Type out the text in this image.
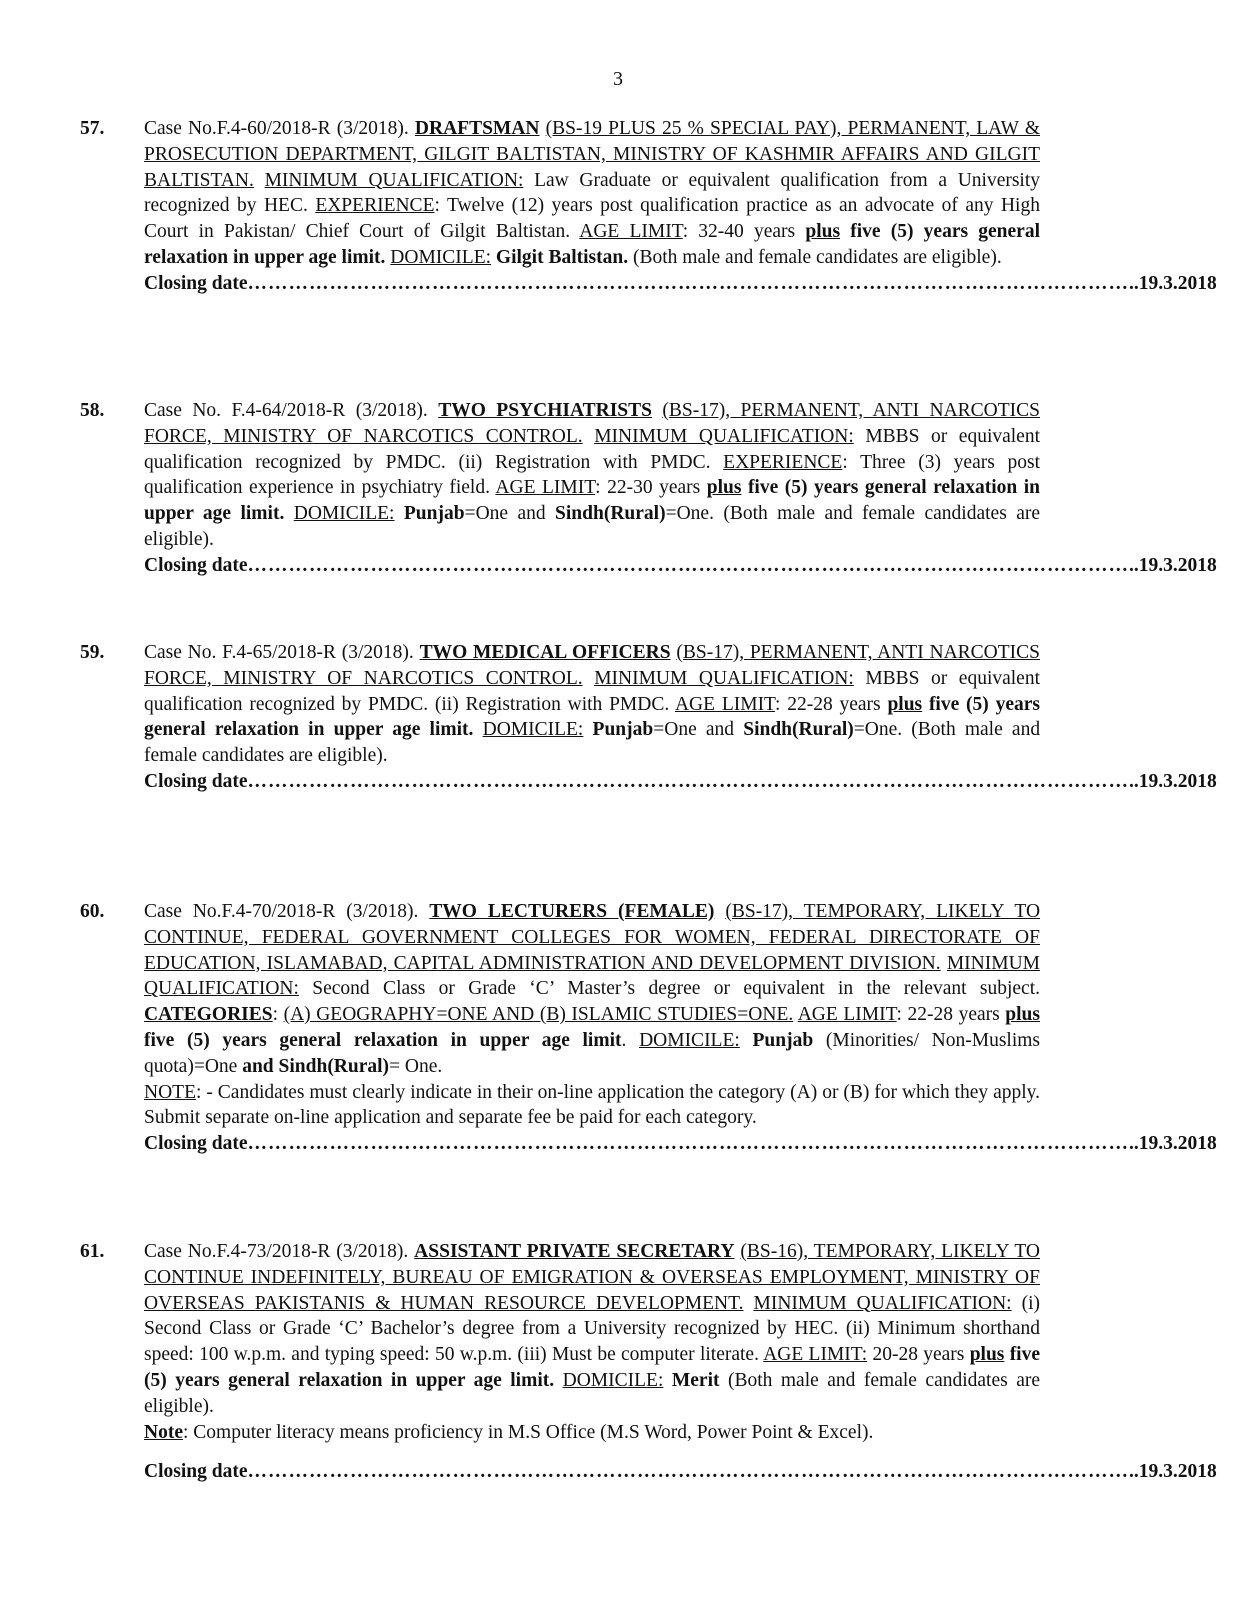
3
57.	Case No.F.4-60/2018-R (3/2018). DRAFTSMAN (BS-19 PLUS 25 % SPECIAL PAY), PERMANENT, LAW & PROSECUTION DEPARTMENT, GILGIT BALTISTAN, MINISTRY OF KASHMIR AFFAIRS AND GILGIT BALTISTAN. MINIMUM QUALIFICATION: Law Graduate or equivalent qualification from a University recognized by HEC. EXPERIENCE: Twelve (12) years post qualification practice as an advocate of any High Court in Pakistan/ Chief Court of Gilgit Baltistan. AGE LIMIT: 32-40 years plus five (5) years general relaxation in upper age limit. DOMICILE: Gilgit Baltistan. (Both male and female candidates are eligible).

Closing date ………………………………………………………………………………………………………………… ..19.3.2018
58.	Case No. F.4-64/2018-R (3/2018). TWO PSYCHIATRISTS (BS-17), PERMANENT, ANTI NARCOTICS FORCE, MINISTRY OF NARCOTICS CONTROL. MINIMUM QUALIFICATION: MBBS or equivalent qualification recognized by PMDC. (ii) Registration with PMDC. EXPERIENCE: Three (3) years post qualification experience in psychiatry field. AGE LIMIT: 22-30 years plus five (5) years general relaxation in upper age limit. DOMICILE: Punjab=One and Sindh(Rural)=One. (Both male and female candidates are eligible).

Closing date ………………………………………………………………………………………………………………… ..19.3.2018
59.	Case No. F.4-65/2018-R (3/2018). TWO MEDICAL OFFICERS (BS-17), PERMANENT, ANTI NARCOTICS FORCE, MINISTRY OF NARCOTICS CONTROL. MINIMUM QUALIFICATION: MBBS or equivalent qualification recognized by PMDC. (ii) Registration with PMDC. AGE LIMIT: 22-28 years plus five (5) years general relaxation in upper age limit. DOMICILE: Punjab=One and Sindh(Rural)=One. (Both male and female candidates are eligible).

Closing date ………………………………………………………………………………………………………………… ..19.3.2018
60.	Case No.F.4-70/2018-R (3/2018). TWO LECTURERS (FEMALE) (BS-17), TEMPORARY, LIKELY TO CONTINUE, FEDERAL GOVERNMENT COLLEGES FOR WOMEN, FEDERAL DIRECTORATE OF EDUCATION, ISLAMABAD, CAPITAL ADMINISTRATION AND DEVELOPMENT DIVISION. MINIMUM QUALIFICATION: Second Class or Grade ‘C’ Master’s degree or equivalent in the relevant subject. CATEGORIES: (A) GEOGRAPHY=ONE AND (B) ISLAMIC STUDIES=ONE. AGE LIMIT: 22-28 years plus five (5) years general relaxation in upper age limit. DOMICILE: Punjab (Minorities/ Non-Muslims quota)=One and Sindh(Rural)= One.

NOTE: - Candidates must clearly indicate in their on-line application the category (A) or (B) for which they apply. Submit separate on-line application and separate fee be paid for each category.

Closing date ………………………………………………………………………………………………………………… ..19.3.2018
61.	Case No.F.4-73/2018-R (3/2018). ASSISTANT PRIVATE SECRETARY (BS-16), TEMPORARY, LIKELY TO CONTINUE INDEFINITELY, BUREAU OF EMIGRATION & OVERSEAS EMPLOYMENT, MINISTRY OF OVERSEAS PAKISTANIS & HUMAN RESOURCE DEVELOPMENT. MINIMUM QUALIFICATION: (i) Second Class or Grade ‘C’ Bachelor’s degree from a University recognized by HEC. (ii) Minimum shorthand speed: 100 w.p.m. and typing speed: 50 w.p.m. (iii) Must be computer literate. AGE LIMIT: 20-28 years plus five (5) years general relaxation in upper age limit. DOMICILE: Merit (Both male and female candidates are eligible).

Note: Computer literacy means proficiency in M.S Office (M.S Word, Power Point & Excel).

Closing date ………………………………………………………………………………………………………………… ..19.3.2018
